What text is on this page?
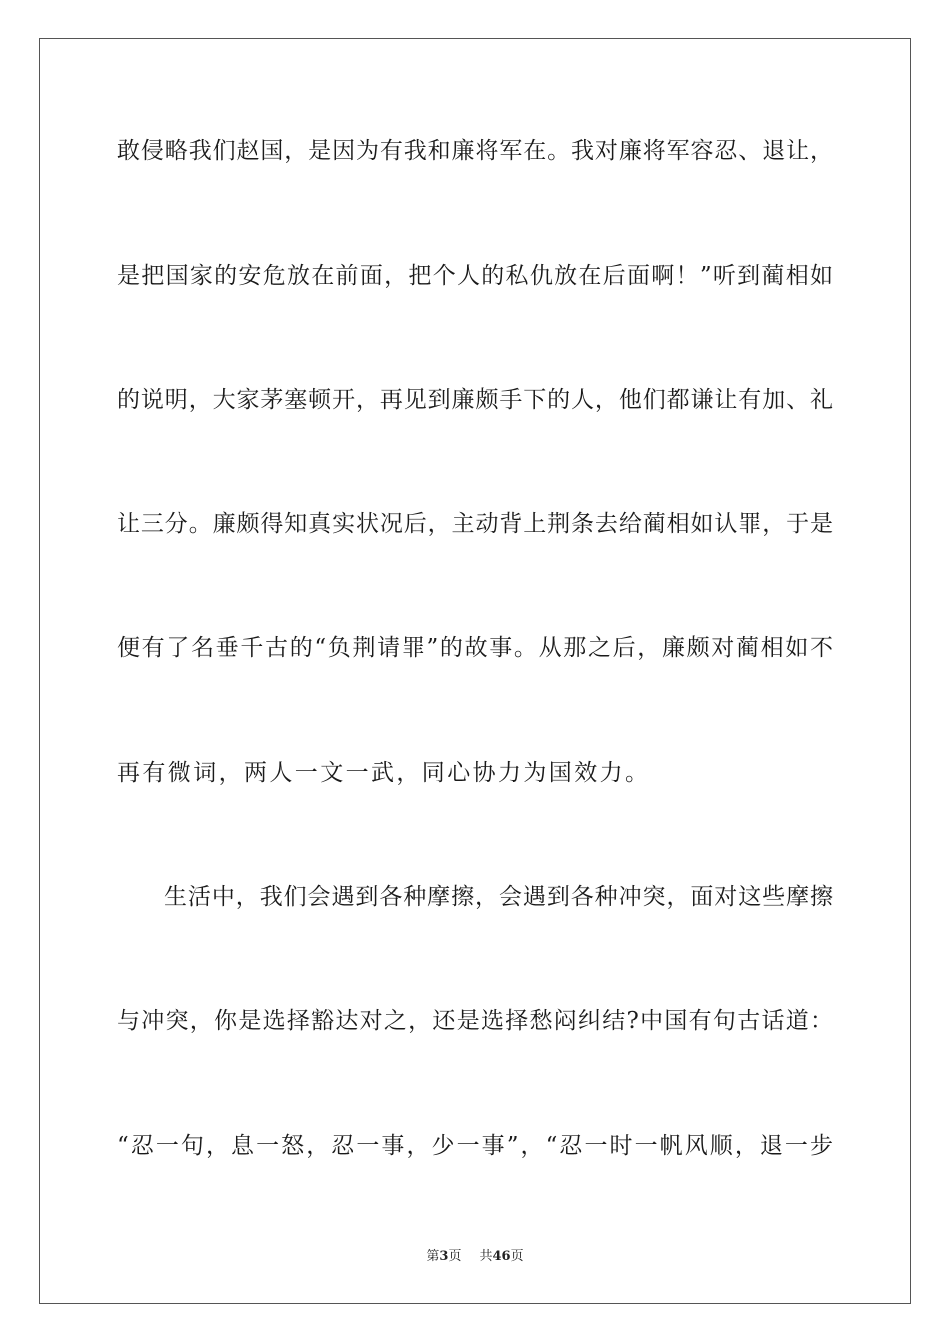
敢侵略我们赵国，是因为有我和廉将军在。我对廉将军容忍、退让，
是把国家的安危放在前面，把个人的私仇放在后面啊！”听到蔺相如
的说明，大家茅塞顿开，再见到廉颇手下的人，他们都谦让有加、礼
让三分。廉颇得知真实状况后，主动背上荆条去给蔺相如认罪，于是
便有了名垂千古的“负荆请罪”的故事。从那之后，廉颇对蔺相如不
再有微词，两人一文一武，同心协力为国效力。
生活中，我们会遇到各种摩擦，会遇到各种冲突，面对这些摩擦
与冲突，你是选择豁达对之，还是选择愁闷纠结?中国有句古话道：
“忍一句，息一怒，忍一事，少一事”，“忍一时一帆风顺，退一步
第3页 共46页
